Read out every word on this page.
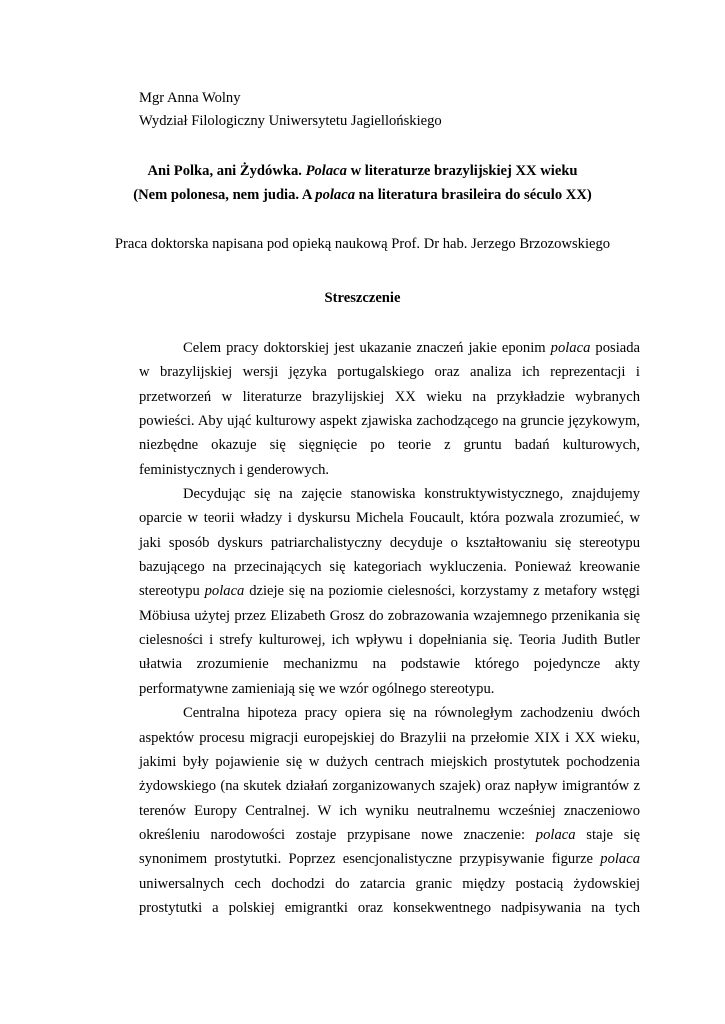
Mgr Anna Wolny
Wydział Filologiczny Uniwersytetu Jagiellońskiego
Ani Polka, ani Żydówka. Polaca w literaturze brazylijskiej XX wieku
(Nem polonesa, nem judia. A polaca na literatura brasileira do século XX)
Praca doktorska napisana pod opieką naukową Prof. Dr hab. Jerzego Brzozowskiego
Streszczenie
Celem pracy doktorskiej jest ukazanie znaczeń jakie eponim polaca posiada
w brazylijskiej wersji języka portugalskiego oraz analiza ich reprezentacji i
przetworzeń w literaturze brazylijskiej XX wieku na przykładzie wybranych
powieści. Aby ująć kulturowy aspekt zjawiska zachodzącego na gruncie językowym,
niezbędne okazuje się sięgnięcie po teorie z gruntu badań kulturowych,
feministycznych i genderowych.
Decydując się na zajęcie stanowiska konstruktywistycznego, znajdujemy
oparcie w teorii władzy i dyskursu Michela Foucault, która pozwala zrozumieć, w
jaki sposób dyskurs patriarchalistyczny decyduje o kształtowaniu się stereotypu
bazującego na przecinających się kategoriach wykluczenia. Ponieważ kreowanie
stereotypu polaca dzieje się na poziomie cielesności, korzystamy z metafory wstęgi
Möbiusa użytej przez Elizabeth Grosz do zobrazowania wzajemnego przenikania się
cielesności i strefy kulturowej, ich wpływu i dopełniania się. Teoria Judith Butler
ułatwia zrozumienie mechanizmu na podstawie którego pojedyncze akty
performatywne zamieniają się we wzór ogólnego stereotypu.
Centralna hipoteza pracy opiera się na równoległym zachodzeniu dwóch
aspektów procesu migracji europejskiej do Brazylii na przełomie XIX i XX wieku,
jakimi były pojawienie się w dużych centrach miejskich prostytutek pochodzenia
żydowskiego (na skutek działań zorganizowanych szajek) oraz napływ imigrantów z
terenów Europy Centralnej. W ich wyniku neutralnemu wcześniej znaczeniowo
określeniu narodowości zostaje przypisane nowe znaczenie: polaca staje się
synonimem prostytutki. Poprzez esencjonalistyczne przypisywanie figurze polaca
uniwersalnych cech dochodzi do zatarcia granic między postacią żydowskiej
prostytutki a polskiej emigrantki oraz konsekwentnego nadpisywania na tych
